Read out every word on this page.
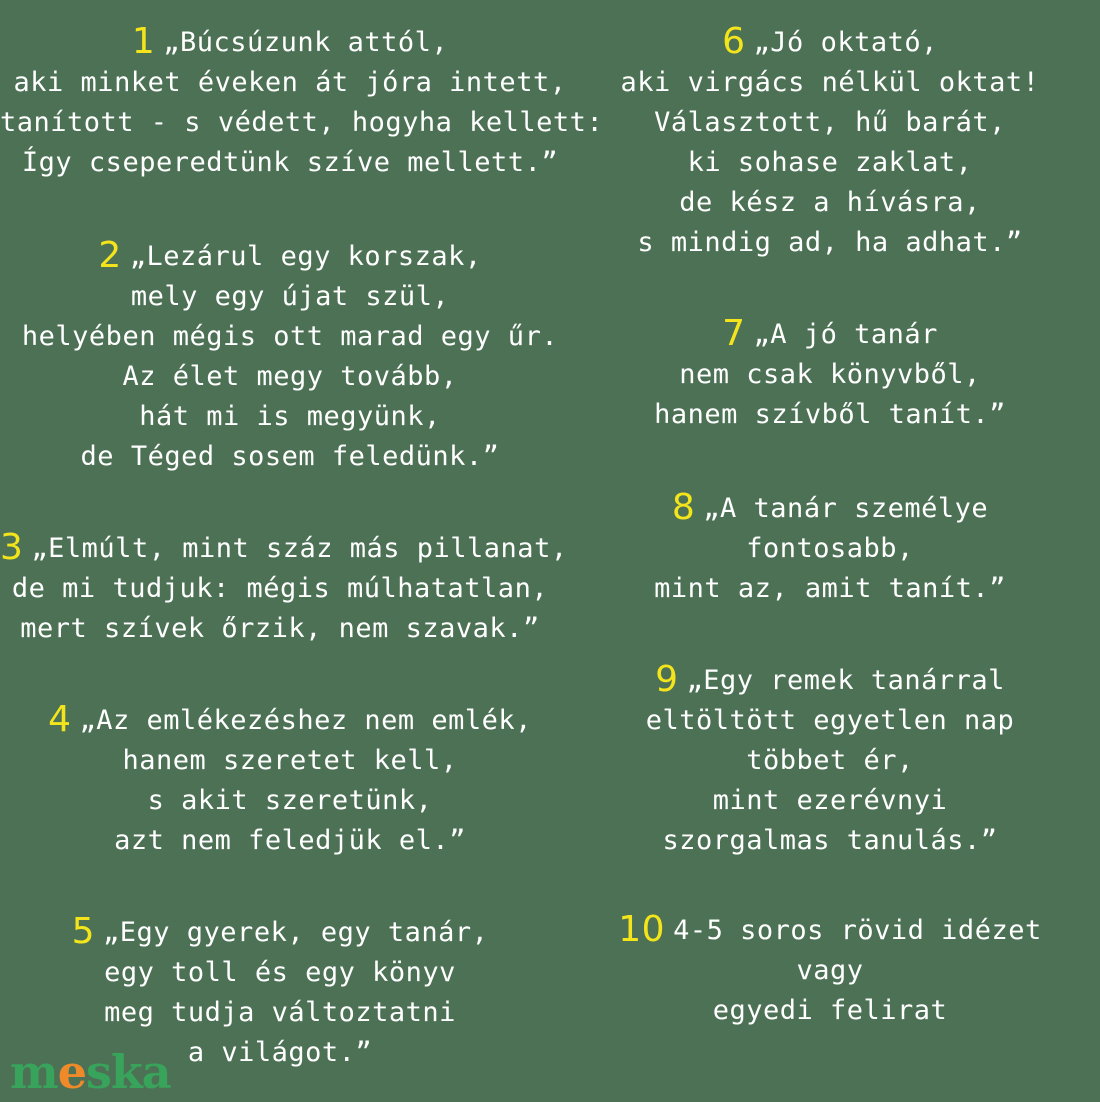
1 „Búcsúzunk attól,
aki minket éveken át jóra intett,
tanított - s védett, hogyha kellett:
Így cseperedtünk szíve mellett.”
2 „Lezárul egy korszak,
mely egy újat szül,
helyében mégis ott marad egy űr.
Az élet megy tovább,
hát mi is megyünk,
de Téged sosem feledünk.”
3 „Elmúlt, mint száz más pillanat,
de mi tudjuk: mégis múlhatatlan,
mert szívek őrzik, nem szavak.”
4 „Az emlékezéshez nem emlék,
hanem szeretet kell,
s akit szeretünk,
azt nem feledjük el.”
5 „Egy gyerek, egy tanár,
egy toll és egy könyv
meg tudja változtatni
a világot.”
6 „Jó oktató,
aki virgács nélkül oktat!
Választott, hű barát,
ki sohase zaklat,
de kész a hívásra,
s mindig ad, ha adhat.”
7 „A jó tanár
nem csak könyvből,
hanem szívből tanít.”
8 „A tanár személye
fontosabb,
mint az, amit tanít.”
9 „Egy remek tanárral
eltöltött egyetlen nap
többet ér,
mint ezerévnyi
szorgalmas tanulás.”
10 4-5 soros rövid idézet
vagy
egyedi felirat
meska
